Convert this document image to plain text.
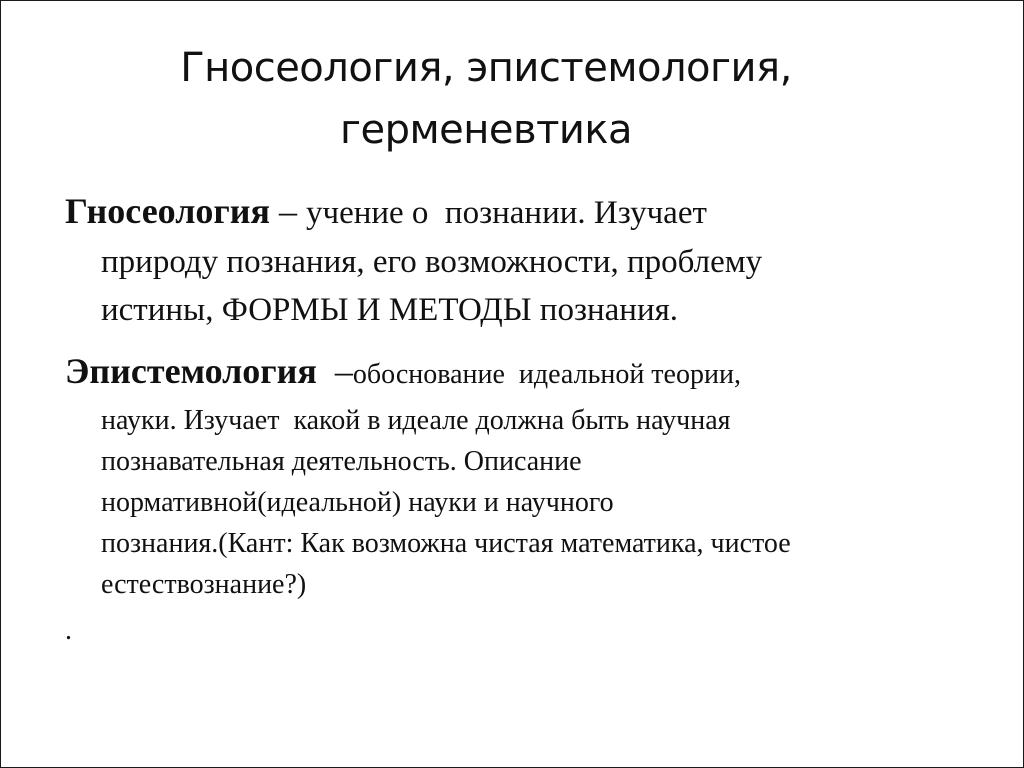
Гносеология, эпистемология,
герменевтика

Гносеология – учение о  познании. Изучает
природу познания, его возможности, проблему
истины, ФОРМЫ И МЕТОДЫ познания.

Эпистемология  –обоснование  идеальной теории,
науки. Изучает  какой в идеале должна быть научная
познавательная деятельность. Описание
нормативной(идеальной) науки и научного
познания.(Кант: Как возможна чистая математика, чистое
естествознание?)

.
